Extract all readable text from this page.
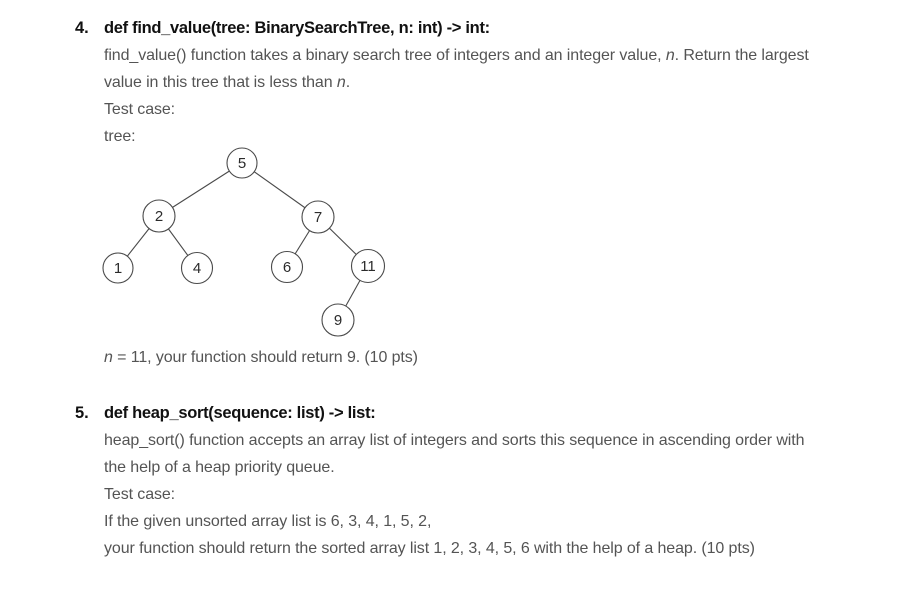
4. def find_value(tree: BinarySearchTree, n: int) -> int:
find_value() function takes a binary search tree of integers and an integer value, n. Return the largest
value in this tree that is less than n.
Test case:
tree:
5
2	7
1	4	6	11
9
n = 11, your function should return 9. (10 pts)
5. def heap_sort(sequence: list) -> list:
heap_sort() function accepts an array list of integers and sorts this sequence in ascending order with
the help of a heap priority queue.
Test case:
If the given unsorted array list is 6, 3, 4, 1, 5, 2,
your function should return the sorted array list 1, 2, 3, 4, 5, 6 with the help of a heap. (10 pts)
